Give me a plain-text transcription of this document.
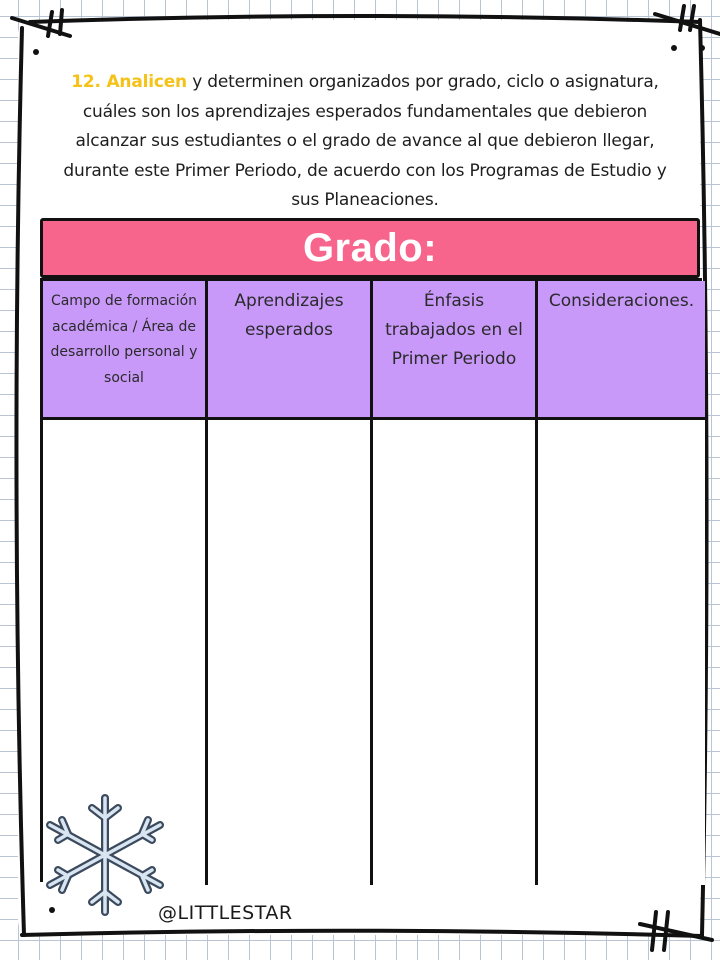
12. Analicen y determinen organizados por grado, ciclo o asignatura, cuáles son los aprendizajes esperados fundamentales que debieron alcanzar sus estudiantes o el grado de avance al que debieron llegar, durante este Primer Periodo, de acuerdo con los Programas de Estudio y sus Planeaciones.
Grado:
Campo de formación académica / Área de desarrollo personal y social
Aprendizajes esperados
Énfasis trabajados en el Primer Periodo
Consideraciones.
@LITTLESTAR
